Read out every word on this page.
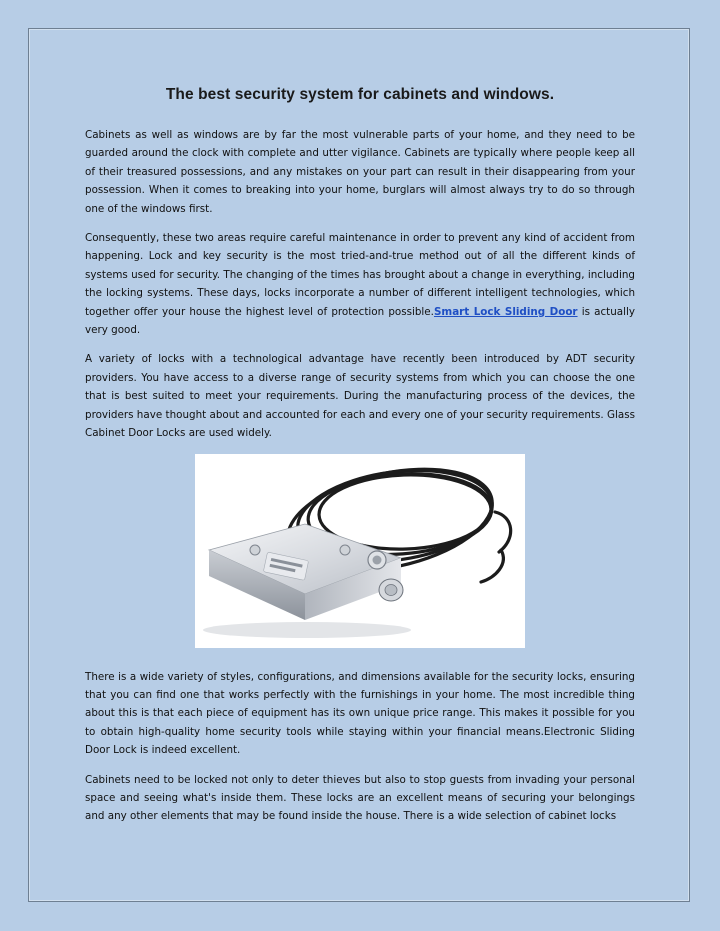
The best security system for cabinets and windows.

Cabinets as well as windows are by far the most vulnerable parts of your home, and they need to be guarded around the clock with complete and utter vigilance. Cabinets are typically where people keep all of their treasured possessions, and any mistakes on your part can result in their disappearing from your possession. When it comes to breaking into your home, burglars will almost always try to do so through one of the windows first.

Consequently, these two areas require careful maintenance in order to prevent any kind of accident from happening. Lock and key security is the most tried-and-true method out of all the different kinds of systems used for security. The changing of the times has brought about a change in everything, including the locking systems. These days, locks incorporate a number of different intelligent technologies, which together offer your house the highest level of protection possible.Smart Lock Sliding Door is actually very good.

A variety of locks with a technological advantage have recently been introduced by ADT security providers. You have access to a diverse range of security systems from which you can choose the one that is best suited to meet your requirements. During the manufacturing process of the devices, the providers have thought about and accounted for each and every one of your security requirements. Glass Cabinet Door Locks are used widely.

There is a wide variety of styles, configurations, and dimensions available for the security locks, ensuring that you can find one that works perfectly with the furnishings in your home. The most incredible thing about this is that each piece of equipment has its own unique price range. This makes it possible for you to obtain high-quality home security tools while staying within your financial means.Electronic Sliding Door Lock is indeed excellent.

Cabinets need to be locked not only to deter thieves but also to stop guests from invading your personal space and seeing what's inside them. These locks are an excellent means of securing your belongings and any other elements that may be found inside the house. There is a wide selection of cabinet locks
